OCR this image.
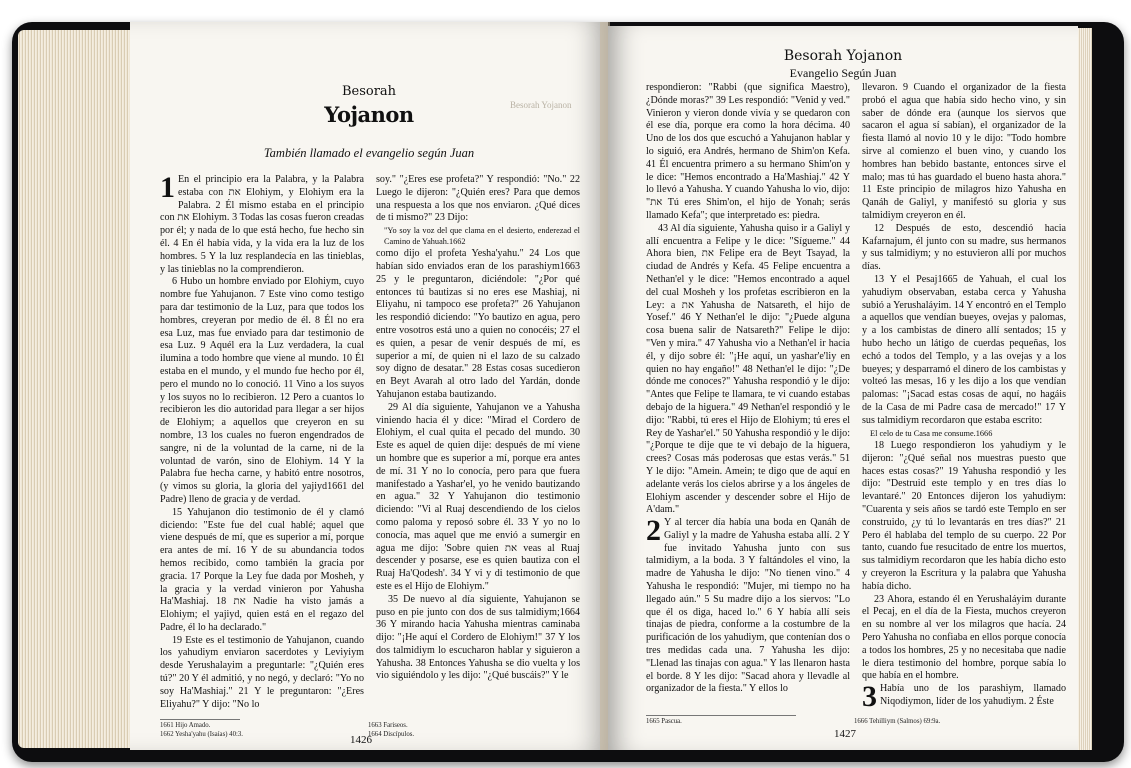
Besorah Yojanon
Besorah
Yojanon
También llamado el evangelio según Juan
1 En el principio era la Palabra, y la Palabra estaba con את Elohiym, y Elohiym era la Palabra. 2 Él mismo estaba en el principio con את Elohiym. 3 Todas las cosas fueron creadas por él; y nada de lo que está hecho, fue hecho sin él. 4 En él había vida, y la vida era la luz de los hombres. 5 Y la luz resplandecía en las tinieblas, y las tinieblas no la comprendieron.

6 Hubo un hombre enviado por Elohiym, cuyo nombre fue Yahujanon. 7 Este vino como testigo para dar testimonio de la Luz, para que todos los hombres, creyeran por medio de él. 8 Él no era esa Luz, mas fue enviado para dar testimonio de esa Luz. 9 Aquél era la Luz verdadera, la cual ilumina a todo hombre que viene al mundo. 10 Él estaba en el mundo, y el mundo fue hecho por él, pero el mundo no lo conoció. 11 Vino a los suyos y los suyos no lo recibieron. 12 Pero a cuantos lo recibieron les dio autoridad para llegar a ser hijos de Elohiym; a aquellos que creyeron en su nombre, 13 los cuales no fueron engendrados de sangre, ni de la voluntad de la carne, ni de la voluntad de varón, sino de Elohiym. 14 Y la Palabra fue hecha carne, y habitó entre nosotros, (y vimos su gloria, la gloria del yajiyd1661 del Padre) lleno de gracia y de verdad.

15 Yahujanon dio testimonio de él y clamó diciendo: "Este fue del cual hablé; aquel que viene después de mí, que es superior a mí, porque era antes de mí. 16 Y de su abundancia todos hemos recibido, como también la gracia por gracia. 17 Porque la Ley fue dada por Mosheh, y la gracia y la verdad vinieron por Yahusha Ha'Mashiaj. 18 את Nadie ha visto jamás a Elohiym; el yajiyd, quien está en el regazo del Padre, él lo ha declarado."

19 Este es el testimonio de Yahujanon, cuando los yahudiym enviaron sacerdotes y Leviyiym desde Yerushalayim a preguntarle: "¿Quién eres tú?" 20 Y él admitió, y no negó, y declaró: "Yo no soy Ha'Mashiaj." 21 Y le preguntaron: "¿Eres Eliyahu?" Y dijo: "No lo

soy." "¿Eres ese profeta?" Y respondió: "No." 22 Luego le dijeron: "¿Quién eres? Para que demos una respuesta a los que nos enviaron. ¿Qué dices de ti mismo?" 23 Dijo:

"Yo soy la voz del que clama en el desierto, enderezad el Camino de Yahuah.1662

como dijo el profeta Yesha'yahu." 24 Los que habían sido enviados eran de los parashiym1663 25 y le preguntaron, diciéndole: "¿Por qué entonces tú bautizas si no eres ese Mashiaj, ni Eliyahu, ni tampoco ese profeta?" 26 Yahujanon les respondió diciendo: "Yo bautizo en agua, pero entre vosotros está uno a quien no conocéis; 27 el es quien, a pesar de venir después de mí, es superior a mí, de quien ni el lazo de su calzado soy digno de desatar." 28 Estas cosas sucedieron en Beyt Avarah al otro lado del Yardán, donde Yahujanon estaba bautizando.

29 Al día siguiente, Yahujanon ve a Yahusha viniendo hacia él y dice: "Mirad el Cordero de Elohiym, el cual quita el pecado del mundo. 30 Este es aquel de quien dije: después de mí viene un hombre que es superior a mí, porque era antes de mí. 31 Y no lo conocía, pero para que fuera manifestado a Yashar'el, yo he venido bautizando en agua." 32 Y Yahujanon dio testimonio diciendo: "Vi al Ruaj descendiendo de los cielos como paloma y reposó sobre él. 33 Y yo no lo conocía, mas aquel que me envió a sumergir en agua me dijo: 'Sobre quien את veas al Ruaj descender y posarse, ese es quien bautiza con el Ruaj Ha'Qodesh'. 34 Y vi y di testimonio de que este es el Hijo de Elohiym."

35 De nuevo al día siguiente, Yahujanon se puso en pie junto con dos de sus talmidiym;1664 36 Y mirando hacia Yahusha mientras caminaba dijo: "¡He aquí el Cordero de Elohiym!" 37 Y los dos talmidiym lo escucharon hablar y siguieron a Yahusha. 38 Entonces Yahusha se dio vuelta y los vio siguiéndolo y les dijo: "¿Qué buscáis?" Y le

1661 Hijo Amado.
1662 Yesha'yahu (Isaías) 40:3.
1663 Fariseos.
1664 Discípulos.
1426
Besorah Yojanon
Evangelio Según Juan

respondieron: "Rabbi (que significa Maestro), ¿Dónde moras?" 39 Les respondió: "Venid y ved." Vinieron y vieron donde vivía y se quedaron con él ese día, porque era como la hora décima. 40 Uno de los dos que escuchó a Yahujanon hablar y lo siguió, era Andrés, hermano de Shim'on Kefa. 41 Él encuentra primero a su hermano Shim'on y le dice: "Hemos encontrado a Ha'Mashiaj." 42 Y lo llevó a Yahusha. Y cuando Yahusha lo vio, dijo: "את Tú eres Shim'on, el hijo de Yonah; serás llamado Kefa"; que interpretado es: piedra.

43 Al día siguiente, Yahusha quiso ir a Galiyl y allí encuentra a Felipe y le dice: "Sígueme." 44 Ahora bien, את Felipe era de Beyt Tsayad, la ciudad de Andrés y Kefa. 45 Felipe encuentra a Nethan'el y le dice: "Hemos encontrado a aquel del cual Mosheh y los profetas escribieron en la Ley: a את Yahusha de Natsareth, el hijo de Yosef." 46 Y Nethan'el le dijo: "¿Puede alguna cosa buena salir de Natsareth?" Felipe le dijo: "Ven y mira." 47 Yahusha vio a Nethan'el ir hacia él, y dijo sobre él: "¡He aquí, un yashar'e'liy en quien no hay engaño!" 48 Nethan'el le dijo: "¿De dónde me conoces?" Yahusha respondió y le dijo: "Antes que Felipe te llamara, te vi cuando estabas debajo de la higuera." 49 Nethan'el respondió y le dijo: "Rabbi, tú eres el Hijo de Elohiym; tú eres el Rey de Yashar'el." 50 Yahusha respondió y le dijo: "¿Porque te dije que te vi debajo de la higuera, crees? Cosas más poderosas que estas verás." 51 Y le dijo: "Amein. Amein; te digo que de aquí en adelante verás los cielos abrirse y a los ángeles de Elohiym ascender y descender sobre el Hijo de A'dam."

2 Y al tercer día había una boda en Qanáh de Galiyl y la madre de Yahusha estaba allí. 2 Y fue invitado Yahusha junto con sus talmidiym, a la boda. 3 Y faltándoles el vino, la madre de Yahusha le dijo: "No tienen vino." 4 Yahusha le respondió: "Mujer, mi tiempo no ha llegado aún." 5 Su madre dijo a los siervos: "Lo que él os diga, haced lo." 6 Y había allí seis tinajas de piedra, conforme a la costumbre de la purificación de los yahudiym, que contenían dos o tres medidas cada una. 7 Yahusha les dijo: "Llenad las tinajas con agua." Y las llenaron hasta el borde. 8 Y les dijo: "Sacad ahora y llevadle al organizador de la fiesta." Y ellos lo

llevaron. 9 Cuando el organizador de la fiesta probó el agua que había sido hecho vino, y sin saber de dónde era (aunque los siervos que sacaron el agua sí sabían), el organizador de la fiesta llamó al novio 10 y le dijo: "Todo hombre sirve al comienzo el buen vino, y cuando los hombres han bebido bastante, entonces sirve el malo; mas tú has guardado el bueno hasta ahora." 11 Este principio de milagros hizo Yahusha en Qanáh de Galiyl, y manifestó su gloria y sus talmidiym creyeron en él.

12 Después de esto, descendió hacia Kafarnajum, él junto con su madre, sus hermanos y sus talmidiym; y no estuvieron allí por muchos días.

13 Y el Pesaj1665 de Yahuah, el cual los yahudiym observaban, estaba cerca y Yahusha subió a Yerushaláyim. 14 Y encontró en el Templo a aquellos que vendían bueyes, ovejas y palomas, y a los cambistas de dinero allí sentados; 15 y hubo hecho un látigo de cuerdas pequeñas, los echó a todos del Templo, y a las ovejas y a los bueyes; y desparramó el dinero de los cambistas y volteó las mesas, 16 y les dijo a los que vendían palomas: "¡Sacad estas cosas de aquí, no hagáis de la Casa de mi Padre casa de mercado!" 17 Y sus talmidiym recordaron que estaba escrito:

El celo de tu Casa me consume.1666

18 Luego respondieron los yahudiym y le dijeron: "¿Qué señal nos muestras puesto que haces estas cosas?" 19 Yahusha respondió y les dijo: "Destruid este templo y en tres días lo levantaré." 20 Entonces dijeron los yahudiym: "Cuarenta y seis años se tardó este Templo en ser construido, ¿y tú lo levantarás en tres días?" 21 Pero él hablaba del templo de su cuerpo. 22 Por tanto, cuando fue resucitado de entre los muertos, sus talmidiym recordaron que les había dicho esto y creyeron la Escritura y la palabra que Yahusha había dicho.

23 Ahora, estando él en Yerushaláyim durante el Pecaj, en el día de la Fiesta, muchos creyeron en su nombre al ver los milagros que hacía. 24 Pero Yahusha no confiaba en ellos porque conocía a todos los hombres, 25 y no necesitaba que nadie le diera testimonio del hombre, porque sabía lo que había en el hombre.

3 Había uno de los parashiym, llamado Niqodiymon, líder de los yahudiym. 2 Éste

1665 Pascua.	1666 Tehilliym (Salmos) 69:9a.
1427
